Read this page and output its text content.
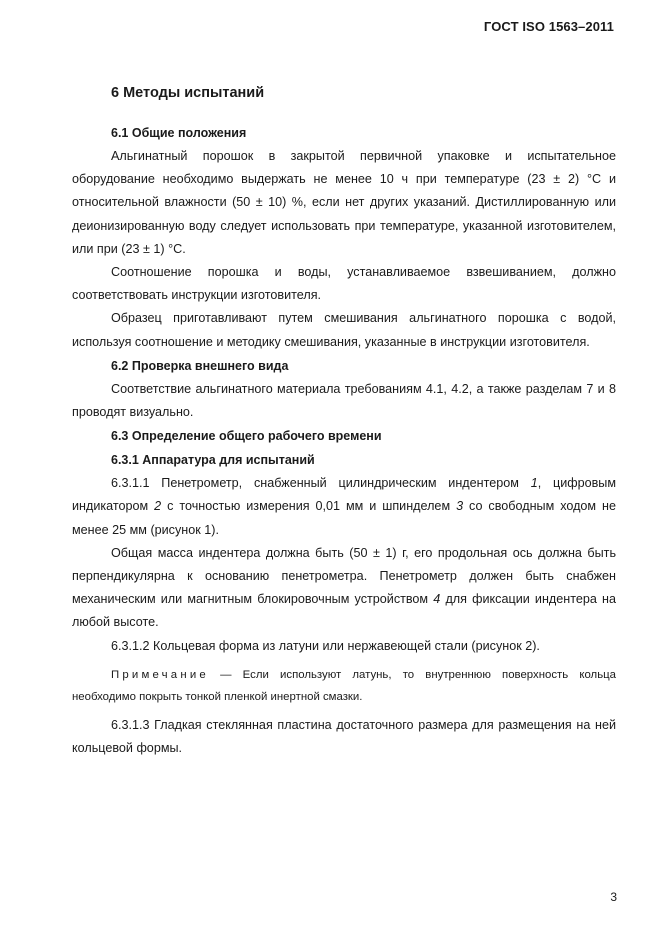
ГОСТ ISO 1563–2011
6 Методы испытаний
6.1 Общие положения

Альгинатный порошок в закрытой первичной упаковке и испытательное оборудование необходимо выдержать не менее 10 ч при температуре (23 ± 2) °С и относительной влажности (50 ± 10) %, если нет других указаний. Дистиллированную или деионизированную воду следует использовать при температуре, указанной изготовителем, или при (23 ± 1) °С.

Соотношение порошка и воды, устанавливаемое взвешиванием, должно соответствовать инструкции изготовителя.

Образец приготавливают путем смешивания альгинатного порошка с водой, используя соотношение и методику смешивания, указанные в инструкции изготовителя.

6.2 Проверка внешнего вида

Соответствие альгинатного материала требованиям 4.1, 4.2, а также разделам 7 и 8 проводят визуально.

6.3 Определение общего рабочего времени
6.3.1 Аппаратура для испытаний

6.3.1.1 Пенетрометр, снабженный цилиндрическим индентером 1, цифровым индикатором 2 с точностью измерения 0,01 мм и шпинделем 3 со свободным ходом не менее 25 мм (рисунок 1).

Общая масса индентера должна быть (50 ± 1) г, его продольная ось должна быть перпендикулярна к основанию пенетрометра. Пенетрометр должен быть снабжен механическим или магнитным блокировочным устройством 4 для фиксации индентера на любой высоте.

6.3.1.2 Кольцевая форма из латуни или нержавеющей стали (рисунок 2).

Примечание — Если используют латунь, то внутреннюю поверхность кольца необходимо покрыть тонкой пленкой инертной смазки.

6.3.1.3 Гладкая стеклянная пластина достаточного размера для размещения на ней кольцевой формы.

3
